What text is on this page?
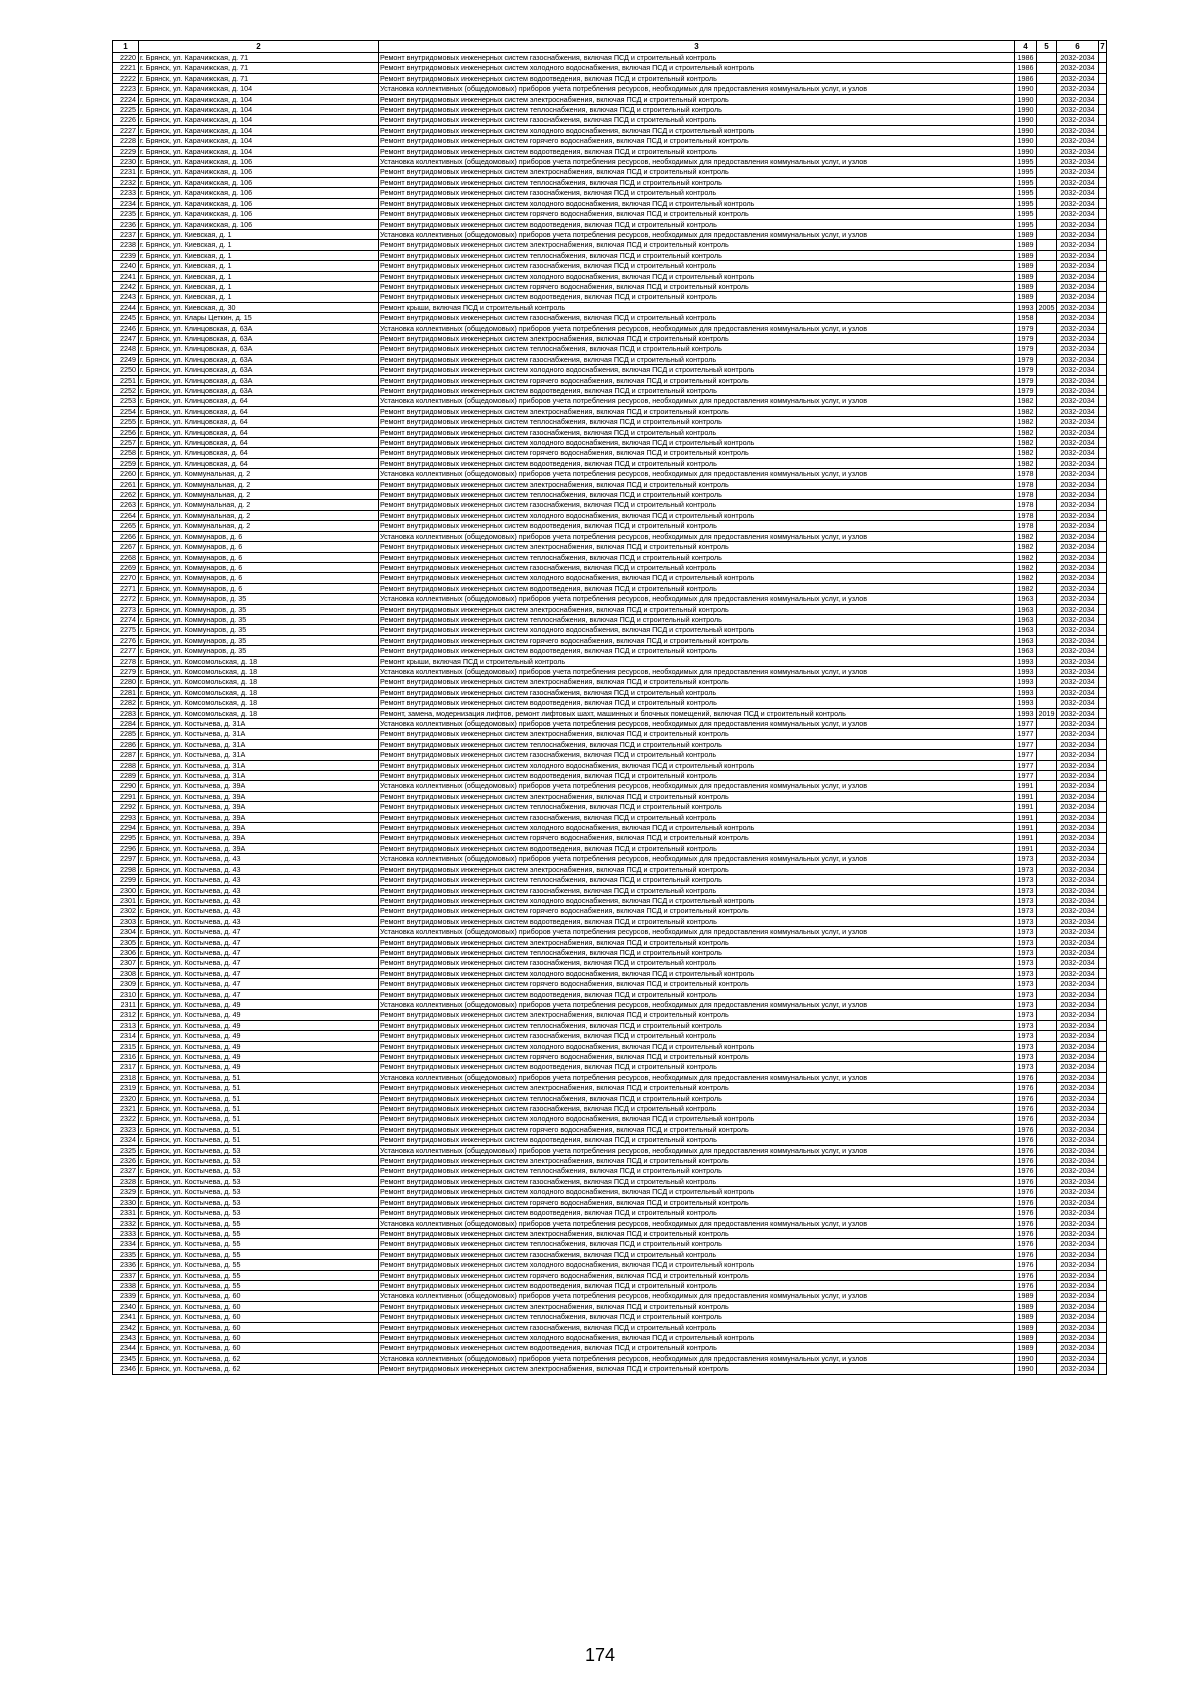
1	2	3	4	5	6	7
2220	г. Брянск, ул. Карачижская, д. 71	Ремонт внутридомовых инженерных систем газоснабжения, включая ПСД и строительный контроль	1986		2032-2034	
2221	г. Брянск, ул. Карачижская, д. 71	Ремонт внутридомовых инженерных систем холодного водоснабжения, включая ПСД и строительный контроль	1986		2032-2034	
2222	г. Брянск, ул. Карачижская, д. 71	Ремонт внутридомовых инженерных систем водоотведения, включая ПСД и строительный контроль	1986		2032-2034	
2223	г. Брянск, ул. Карачижская, д. 104	Установка коллективных (общедомовых) приборов учета потребления ресурсов, необходимых для предоставления коммунальных услуг, и узлов	1990		2032-2034	
2224	г. Брянск, ул. Карачижская, д. 104	Ремонт внутридомовых инженерных систем электроснабжения, включая ПСД и строительный контроль	1990		2032-2034	
2225	г. Брянск, ул. Карачижская, д. 104	Ремонт внутридомовых инженерных систем теплоснабжения, включая ПСД и строительный контроль	1990		2032-2034	
2226	г. Брянск, ул. Карачижская, д. 104	Ремонт внутридомовых инженерных систем газоснабжения, включая ПСД и строительный контроль	1990		2032-2034	
2227	г. Брянск, ул. Карачижская, д. 104	Ремонт внутридомовых инженерных систем холодного водоснабжения, включая ПСД и строительный контроль	1990		2032-2034	
2228	г. Брянск, ул. Карачижская, д. 104	Ремонт внутридомовых инженерных систем горячего водоснабжения, включая ПСД и строительный контроль	1990		2032-2034	
2229	г. Брянск, ул. Карачижская, д. 104	Ремонт внутридомовых инженерных систем водоотведения, включая ПСД и строительный контроль	1990		2032-2034	
2230	г. Брянск, ул. Карачижская, д. 106	Установка коллективных (общедомовых) приборов учета потребления ресурсов, необходимых для предоставления коммунальных услуг, и узлов	1995		2032-2034	
2231	г. Брянск, ул. Карачижская, д. 106	Ремонт внутридомовых инженерных систем электроснабжения, включая ПСД и строительный контроль	1995		2032-2034	
2232	г. Брянск, ул. Карачижская, д. 106	Ремонт внутридомовых инженерных систем теплоснабжения, включая ПСД и строительный контроль	1995		2032-2034	
2233	г. Брянск, ул. Карачижская, д. 106	Ремонт внутридомовых инженерных систем газоснабжения, включая ПСД и строительный контроль	1995		2032-2034	
2234	г. Брянск, ул. Карачижская, д. 106	Ремонт внутридомовых инженерных систем холодного водоснабжения, включая ПСД и строительный контроль	1995		2032-2034	
2235	г. Брянск, ул. Карачижская, д. 106	Ремонт внутридомовых инженерных систем горячего водоснабжения, включая ПСД и строительный контроль	1995		2032-2034	
2236	г. Брянск, ул. Карачижская, д. 106	Ремонт внутридомовых инженерных систем водоотведения, включая ПСД и строительный контроль	1995		2032-2034	
2237	г. Брянск, ул. Киевская, д. 1	Установка коллективных (общедомовых) приборов учета потребления ресурсов, необходимых для предоставления коммунальных услуг, и узлов	1989		2032-2034	
2238	г. Брянск, ул. Киевская, д. 1	Ремонт внутридомовых инженерных систем электроснабжения, включая ПСД и строительный контроль	1989		2032-2034	
2239	г. Брянск, ул. Киевская, д. 1	Ремонт внутридомовых инженерных систем теплоснабжения, включая ПСД и строительный контроль	1989		2032-2034	
2240	г. Брянск, ул. Киевская, д. 1	Ремонт внутридомовых инженерных систем газоснабжения, включая ПСД и строительный контроль	1989		2032-2034	
2241	г. Брянск, ул. Киевская, д. 1	Ремонт внутридомовых инженерных систем холодного водоснабжения, включая ПСД и строительный контроль	1989		2032-2034	
2242	г. Брянск, ул. Киевская, д. 1	Ремонт внутридомовых инженерных систем горячего водоснабжения, включая ПСД и строительный контроль	1989		2032-2034	
2243	г. Брянск, ул. Киевская, д. 1	Ремонт внутридомовых инженерных систем водоотведения, включая ПСД и строительный контроль	1989		2032-2034	
2244	г. Брянск, ул. Киевская, д. 30	Ремонт крыши, включая ПСД и строительный контроль	1993	2005	2032-2034	
2245	г. Брянск, ул. Клары Цеткин, д. 15	Ремонт внутридомовых инженерных систем газоснабжения, включая ПСД и строительный контроль	1958		2032-2034	
2246	г. Брянск, ул. Клинцовская, д. 63А	Установка коллективных (общедомовых) приборов учета потребления ресурсов, необходимых для предоставления коммунальных услуг, и узлов	1979		2032-2034	
2247	г. Брянск, ул. Клинцовская, д. 63А	Ремонт внутридомовых инженерных систем электроснабжения, включая ПСД и строительный контроль	1979		2032-2034	
2248	г. Брянск, ул. Клинцовская, д. 63А	Ремонт внутридомовых инженерных систем теплоснабжения, включая ПСД и строительный контроль	1979		2032-2034	
2249	г. Брянск, ул. Клинцовская, д. 63А	Ремонт внутридомовых инженерных систем газоснабжения, включая ПСД и строительный контроль	1979		2032-2034	
2250	г. Брянск, ул. Клинцовская, д. 63А	Ремонт внутридомовых инженерных систем холодного водоснабжения, включая ПСД и строительный контроль	1979		2032-2034	
2251	г. Брянск, ул. Клинцовская, д. 63А	Ремонт внутридомовых инженерных систем горячего водоснабжения, включая ПСД и строительный контроль	1979		2032-2034	
2252	г. Брянск, ул. Клинцовская, д. 63А	Ремонт внутридомовых инженерных систем водоотведения, включая ПСД и строительный контроль	1979		2032-2034	
2253	г. Брянск, ул. Клинцовская, д. 64	Установка коллективных (общедомовых) приборов учета потребления ресурсов, необходимых для предоставления коммунальных услуг, и узлов	1982		2032-2034	
2254	г. Брянск, ул. Клинцовская, д. 64	Ремонт внутридомовых инженерных систем электроснабжения, включая ПСД и строительный контроль	1982		2032-2034	
2255	г. Брянск, ул. Клинцовская, д. 64	Ремонт внутридомовых инженерных систем теплоснабжения, включая ПСД и строительный контроль	1982		2032-2034	
2256	г. Брянск, ул. Клинцовская, д. 64	Ремонт внутридомовых инженерных систем газоснабжения, включая ПСД и строительный контроль	1982		2032-2034	
2257	г. Брянск, ул. Клинцовская, д. 64	Ремонт внутридомовых инженерных систем холодного водоснабжения, включая ПСД и строительный контроль	1982		2032-2034	
2258	г. Брянск, ул. Клинцовская, д. 64	Ремонт внутридомовых инженерных систем горячего водоснабжения, включая ПСД и строительный контроль	1982		2032-2034	
2259	г. Брянск, ул. Клинцовская, д. 64	Ремонт внутридомовых инженерных систем водоотведения, включая ПСД и строительный контроль	1982		2032-2034	
2260	г. Брянск, ул. Коммунальная, д. 2	Установка коллективных (общедомовых) приборов учета потребления ресурсов, необходимых для предоставления коммунальных услуг, и узлов	1978		2032-2034	
2261	г. Брянск, ул. Коммунальная, д. 2	Ремонт внутридомовых инженерных систем электроснабжения, включая ПСД и строительный контроль	1978		2032-2034	
2262	г. Брянск, ул. Коммунальная, д. 2	Ремонт внутридомовых инженерных систем теплоснабжения, включая ПСД и строительный контроль	1978		2032-2034	
2263	г. Брянск, ул. Коммунальная, д. 2	Ремонт внутридомовых инженерных систем газоснабжения, включая ПСД и строительный контроль	1978		2032-2034	
2264	г. Брянск, ул. Коммунальная, д. 2	Ремонт внутридомовых инженерных систем холодного водоснабжения, включая ПСД и строительный контроль	1978		2032-2034	
2265	г. Брянск, ул. Коммунальная, д. 2	Ремонт внутридомовых инженерных систем водоотведения, включая ПСД и строительный контроль	1978		2032-2034	
2266	г. Брянск, ул. Коммунаров, д. 6	Установка коллективных (общедомовых) приборов учета потребления ресурсов, необходимых для предоставления коммунальных услуг, и узлов	1982		2032-2034	
2267	г. Брянск, ул. Коммунаров, д. 6	Ремонт внутридомовых инженерных систем электроснабжения, включая ПСД и строительный контроль	1982		2032-2034	
2268	г. Брянск, ул. Коммунаров, д. 6	Ремонт внутридомовых инженерных систем теплоснабжения, включая ПСД и строительный контроль	1982		2032-2034	
2269	г. Брянск, ул. Коммунаров, д. 6	Ремонт внутридомовых инженерных систем газоснабжения, включая ПСД и строительный контроль	1982		2032-2034	
2270	г. Брянск, ул. Коммунаров, д. 6	Ремонт внутридомовых инженерных систем холодного водоснабжения, включая ПСД и строительный контроль	1982		2032-2034	
2271	г. Брянск, ул. Коммунаров, д. 6	Ремонт внутридомовых инженерных систем водоотведения, включая ПСД и строительный контроль	1982		2032-2034	
2272	г. Брянск, ул. Коммунаров, д. 35	Установка коллективных (общедомовых) приборов учета потребления ресурсов, необходимых для предоставления коммунальных услуг, и узлов	1963		2032-2034	
2273	г. Брянск, ул. Коммунаров, д. 35	Ремонт внутридомовых инженерных систем электроснабжения, включая ПСД и строительный контроль	1963		2032-2034	
2274	г. Брянск, ул. Коммунаров, д. 35	Ремонт внутридомовых инженерных систем теплоснабжения, включая ПСД и строительный контроль	1963		2032-2034	
2275	г. Брянск, ул. Коммунаров, д. 35	Ремонт внутридомовых инженерных систем холодного водоснабжения, включая ПСД и строительный контроль	1963		2032-2034	
2276	г. Брянск, ул. Коммунаров, д. 35	Ремонт внутридомовых инженерных систем горячего водоснабжения, включая ПСД и строительный контроль	1963		2032-2034	
2277	г. Брянск, ул. Коммунаров, д. 35	Ремонт внутридомовых инженерных систем водоотведения, включая ПСД и строительный контроль	1963		2032-2034	
2278	г. Брянск, ул. Комсомольская, д. 18	Ремонт крыши, включая ПСД и строительный контроль	1993		2032-2034	
2279	г. Брянск, ул. Комсомольская, д. 18	Установка коллективных (общедомовых) приборов учета потребления ресурсов, необходимых для предоставления коммунальных услуг, и узлов	1993		2032-2034	
2280	г. Брянск, ул. Комсомольская, д. 18	Ремонт внутридомовых инженерных систем электроснабжения, включая ПСД и строительный контроль	1993		2032-2034	
2281	г. Брянск, ул. Комсомольская, д. 18	Ремонт внутридомовых инженерных систем газоснабжения, включая ПСД и строительный контроль	1993		2032-2034	
2282	г. Брянск, ул. Комсомольская, д. 18	Ремонт внутридомовых инженерных систем водоотведения, включая ПСД и строительный контроль	1993		2032-2034	
2283	г. Брянск, ул. Комсомольская, д. 18	Ремонт, замена, модернизация лифтов, ремонт лифтовых шахт, машинных и блочных помещений, включая ПСД и строительный контроль	1993	2019	2032-2034	
2284	г. Брянск, ул. Костычева, д. 31А	Установка коллективных (общедомовых) приборов учета потребления ресурсов, необходимых для предоставления коммунальных услуг, и узлов	1977		2032-2034	
2285	г. Брянск, ул. Костычева, д. 31А	Ремонт внутридомовых инженерных систем электроснабжения, включая ПСД и строительный контроль	1977		2032-2034	
2286	г. Брянск, ул. Костычева, д. 31А	Ремонт внутридомовых инженерных систем теплоснабжения, включая ПСД и строительный контроль	1977		2032-2034	
2287	г. Брянск, ул. Костычева, д. 31А	Ремонт внутридомовых инженерных систем газоснабжения, включая ПСД и строительный контроль	1977		2032-2034	
2288	г. Брянск, ул. Костычева, д. 31А	Ремонт внутридомовых инженерных систем холодного водоснабжения, включая ПСД и строительный контроль	1977		2032-2034	
2289	г. Брянск, ул. Костычева, д. 31А	Ремонт внутридомовых инженерных систем водоотведения, включая ПСД и строительный контроль	1977		2032-2034	
2290	г. Брянск, ул. Костычева, д. 39А	Установка коллективных (общедомовых) приборов учета потребления ресурсов, необходимых для предоставления коммунальных услуг, и узлов	1991		2032-2034	
2291	г. Брянск, ул. Костычева, д. 39А	Ремонт внутридомовых инженерных систем электроснабжения, включая ПСД и строительный контроль	1991		2032-2034	
2292	г. Брянск, ул. Костычева, д. 39А	Ремонт внутридомовых инженерных систем теплоснабжения, включая ПСД и строительный контроль	1991		2032-2034	
2293	г. Брянск, ул. Костычева, д. 39А	Ремонт внутридомовых инженерных систем газоснабжения, включая ПСД и строительный контроль	1991		2032-2034	
2294	г. Брянск, ул. Костычева, д. 39А	Ремонт внутридомовых инженерных систем холодного водоснабжения, включая ПСД и строительный контроль	1991		2032-2034	
2295	г. Брянск, ул. Костычева, д. 39А	Ремонт внутридомовых инженерных систем горячего водоснабжения, включая ПСД и строительный контроль	1991		2032-2034	
2296	г. Брянск, ул. Костычева, д. 39А	Ремонт внутридомовых инженерных систем водоотведения, включая ПСД и строительный контроль	1991		2032-2034	
2297	г. Брянск, ул. Костычева, д. 43	Установка коллективных (общедомовых) приборов учета потребления ресурсов, необходимых для предоставления коммунальных услуг, и узлов	1973		2032-2034	
2298	г. Брянск, ул. Костычева, д. 43	Ремонт внутридомовых инженерных систем электроснабжения, включая ПСД и строительный контроль	1973		2032-2034	
2299	г. Брянск, ул. Костычева, д. 43	Ремонт внутридомовых инженерных систем теплоснабжения, включая ПСД и строительный контроль	1973		2032-2034	
2300	г. Брянск, ул. Костычева, д. 43	Ремонт внутридомовых инженерных систем газоснабжения, включая ПСД и строительный контроль	1973		2032-2034	
2301	г. Брянск, ул. Костычева, д. 43	Ремонт внутридомовых инженерных систем холодного водоснабжения, включая ПСД и строительный контроль	1973		2032-2034	
2302	г. Брянск, ул. Костычева, д. 43	Ремонт внутридомовых инженерных систем горячего водоснабжения, включая ПСД и строительный контроль	1973		2032-2034	
2303	г. Брянск, ул. Костычева, д. 43	Ремонт внутридомовых инженерных систем водоотведения, включая ПСД и строительный контроль	1973		2032-2034	
2304	г. Брянск, ул. Костычева, д. 47	Установка коллективных (общедомовых) приборов учета потребления ресурсов, необходимых для предоставления коммунальных услуг, и узлов	1973		2032-2034	
2305	г. Брянск, ул. Костычева, д. 47	Ремонт внутридомовых инженерных систем электроснабжения, включая ПСД и строительный контроль	1973		2032-2034	
2306	г. Брянск, ул. Костычева, д. 47	Ремонт внутридомовых инженерных систем теплоснабжения, включая ПСД и строительный контроль	1973		2032-2034	
2307	г. Брянск, ул. Костычева, д. 47	Ремонт внутридомовых инженерных систем газоснабжения, включая ПСД и строительный контроль	1973		2032-2034	
2308	г. Брянск, ул. Костычева, д. 47	Ремонт внутридомовых инженерных систем холодного водоснабжения, включая ПСД и строительный контроль	1973		2032-2034	
2309	г. Брянск, ул. Костычева, д. 47	Ремонт внутридомовых инженерных систем горячего водоснабжения, включая ПСД и строительный контроль	1973		2032-2034	
2310	г. Брянск, ул. Костычева, д. 47	Ремонт внутридомовых инженерных систем водоотведения, включая ПСД и строительный контроль	1973		2032-2034	
2311	г. Брянск, ул. Костычева, д. 49	Установка коллективных (общедомовых) приборов учета потребления ресурсов, необходимых для предоставления коммунальных услуг, и узлов	1973		2032-2034	
2312	г. Брянск, ул. Костычева, д. 49	Ремонт внутридомовых инженерных систем электроснабжения, включая ПСД и строительный контроль	1973		2032-2034	
2313	г. Брянск, ул. Костычева, д. 49	Ремонт внутридомовых инженерных систем теплоснабжения, включая ПСД и строительный контроль	1973		2032-2034	
2314	г. Брянск, ул. Костычева, д. 49	Ремонт внутридомовых инженерных систем газоснабжения, включая ПСД и строительный контроль	1973		2032-2034	
2315	г. Брянск, ул. Костычева, д. 49	Ремонт внутридомовых инженерных систем холодного водоснабжения, включая ПСД и строительный контроль	1973		2032-2034	
2316	г. Брянск, ул. Костычева, д. 49	Ремонт внутридомовых инженерных систем горячего водоснабжения, включая ПСД и строительный контроль	1973		2032-2034	
2317	г. Брянск, ул. Костычева, д. 49	Ремонт внутридомовых инженерных систем водоотведения, включая ПСД и строительный контроль	1973		2032-2034	
2318	г. Брянск, ул. Костычева, д. 51	Установка коллективных (общедомовых) приборов учета потребления ресурсов, необходимых для предоставления коммунальных услуг, и узлов	1976		2032-2034	
2319	г. Брянск, ул. Костычева, д. 51	Ремонт внутридомовых инженерных систем электроснабжения, включая ПСД и строительный контроль	1976		2032-2034	
2320	г. Брянск, ул. Костычева, д. 51	Ремонт внутридомовых инженерных систем теплоснабжения, включая ПСД и строительный контроль	1976		2032-2034	
2321	г. Брянск, ул. Костычева, д. 51	Ремонт внутридомовых инженерных систем газоснабжения, включая ПСД и строительный контроль	1976		2032-2034	
2322	г. Брянск, ул. Костычева, д. 51	Ремонт внутридомовых инженерных систем холодного водоснабжения, включая ПСД и строительный контроль	1976		2032-2034	
2323	г. Брянск, ул. Костычева, д. 51	Ремонт внутридомовых инженерных систем горячего водоснабжения, включая ПСД и строительный контроль	1976		2032-2034	
2324	г. Брянск, ул. Костычева, д. 51	Ремонт внутридомовых инженерных систем водоотведения, включая ПСД и строительный контроль	1976		2032-2034	
2325	г. Брянск, ул. Костычева, д. 53	Установка коллективных (общедомовых) приборов учета потребления ресурсов, необходимых для предоставления коммунальных услуг, и узлов	1976		2032-2034	
2326	г. Брянск, ул. Костычева, д. 53	Ремонт внутридомовых инженерных систем электроснабжения, включая ПСД и строительный контроль	1976		2032-2034	
2327	г. Брянск, ул. Костычева, д. 53	Ремонт внутридомовых инженерных систем теплоснабжения, включая ПСД и строительный контроль	1976		2032-2034	
2328	г. Брянск, ул. Костычева, д. 53	Ремонт внутридомовых инженерных систем газоснабжения, включая ПСД и строительный контроль	1976		2032-2034	
2329	г. Брянск, ул. Костычева, д. 53	Ремонт внутридомовых инженерных систем холодного водоснабжения, включая ПСД и строительный контроль	1976		2032-2034	
2330	г. Брянск, ул. Костычева, д. 53	Ремонт внутридомовых инженерных систем горячего водоснабжения, включая ПСД и строительный контроль	1976		2032-2034	
2331	г. Брянск, ул. Костычева, д. 53	Ремонт внутридомовых инженерных систем водоотведения, включая ПСД и строительный контроль	1976		2032-2034	
2332	г. Брянск, ул. Костычева, д. 55	Установка коллективных (общедомовых) приборов учета потребления ресурсов, необходимых для предоставления коммунальных услуг, и узлов	1976		2032-2034	
2333	г. Брянск, ул. Костычева, д. 55	Ремонт внутридомовых инженерных систем электроснабжения, включая ПСД и строительный контроль	1976		2032-2034	
2334	г. Брянск, ул. Костычева, д. 55	Ремонт внутридомовых инженерных систем теплоснабжения, включая ПСД и строительный контроль	1976		2032-2034	
2335	г. Брянск, ул. Костычева, д. 55	Ремонт внутридомовых инженерных систем газоснабжения, включая ПСД и строительный контроль	1976		2032-2034	
2336	г. Брянск, ул. Костычева, д. 55	Ремонт внутридомовых инженерных систем холодного водоснабжения, включая ПСД и строительный контроль	1976		2032-2034	
2337	г. Брянск, ул. Костычева, д. 55	Ремонт внутридомовых инженерных систем горячего водоснабжения, включая ПСД и строительный контроль	1976		2032-2034	
2338	г. Брянск, ул. Костычева, д. 55	Ремонт внутридомовых инженерных систем водоотведения, включая ПСД и строительный контроль	1976		2032-2034	
2339	г. Брянск, ул. Костычева, д. 60	Установка коллективных (общедомовых) приборов учета потребления ресурсов, необходимых для предоставления коммунальных услуг, и узлов	1989		2032-2034	
2340	г. Брянск, ул. Костычева, д. 60	Ремонт внутридомовых инженерных систем электроснабжения, включая ПСД и строительный контроль	1989		2032-2034	
2341	г. Брянск, ул. Костычева, д. 60	Ремонт внутридомовых инженерных систем теплоснабжения, включая ПСД и строительный контроль	1989		2032-2034	
2342	г. Брянск, ул. Костычева, д. 60	Ремонт внутридомовых инженерных систем газоснабжения, включая ПСД и строительный контроль	1989		2032-2034	
2343	г. Брянск, ул. Костычева, д. 60	Ремонт внутридомовых инженерных систем холодного водоснабжения, включая ПСД и строительный контроль	1989		2032-2034	
2344	г. Брянск, ул. Костычева, д. 60	Ремонт внутридомовых инженерных систем водоотведения, включая ПСД и строительный контроль	1989		2032-2034	
2345	г. Брянск, ул. Костычева, д. 62	Установка коллективных (общедомовых) приборов учета потребления ресурсов, необходимых для предоставления коммунальных услуг, и узлов	1990		2032-2034	
2346	г. Брянск, ул. Костычева, д. 62	Ремонт внутридомовых инженерных систем электроснабжения, включая ПСД и строительный контроль	1990		2032-2034	
174
